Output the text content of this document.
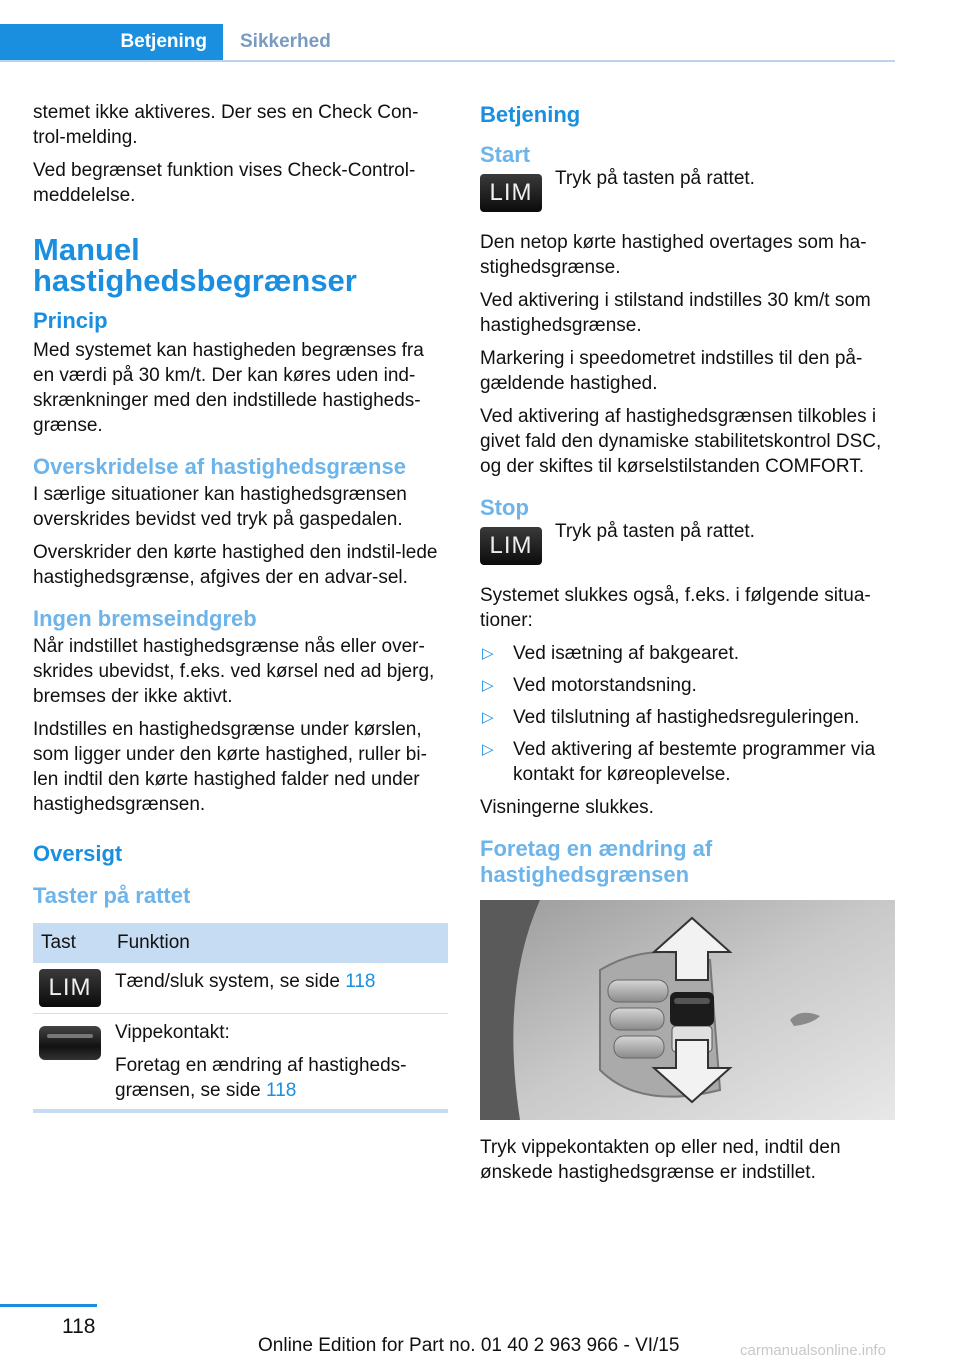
Betjening Sikkerhed

stemet ikke aktiveres. Der ses en Check Con-trol-melding.

Ved begrænset funktion vises Check-Control-meddelelse.

Manuel hastighedsbegrænser
Princip

Med systemet kan hastigheden begrænses fra en værdi på 30 km/t. Der kan køres uden ind-skrænkninger med den indstillede hastigheds-grænse.

Overskridelse af hastighedsgrænse

I særlige situationer kan hastighedsgrænsen overskrides bevidst ved tryk på gaspedalen.

Overskrider den kørte hastighed den indstil-lede hastighedsgrænse, afgives der en advar-sel.

Ingen bremseindgreb

Når indstillet hastighedsgrænse nås eller over-skrides ubevidst, f.eks. ved kørsel ned ad bjerg, bremses der ikke aktivt.

Indstilles en hastighedsgrænse under kørslen, som ligger under den kørte hastighed, ruller bi-len indtil den kørte hastighed falder ned under hastighedsgrænsen.

Oversigt
Taster på rattet
Tast	Funktion

LIM	Tænd/sluk system, se side 118

	Vippekontakt:
Foretag en ændring af hastigheds-grænsen, se side 118
Betjening
Start
LIM

Tryk på tasten på rattet.

Den netop kørte hastighed overtages som ha-stighedsgrænse.

Ved aktivering i stilstand indstilles 30 km/t som hastighedsgrænse.

Markering i speedometret indstilles til den på-gældende hastighed.

Ved aktivering af hastighedsgrænsen tilkobles i givet fald den dynamiske stabilitetskontrol DSC, og der skiftes til kørselstilstanden COMFORT.

Stop
LIM

Tryk på tasten på rattet.

Systemet slukkes også, f.eks. i følgende situa-tioner:

▷ Ved isætning af bakgearet.
▷ Ved motorstandsning.
▷ Ved tilslutning af hastighedsreguleringen.
▷ Ved aktivering af bestemte programmer via kontakt for køreoplevelse.

Visningerne slukkes.

Foretag en ændring af hastighedsgrænsen

Tryk vippekontakten op eller ned, indtil den ønskede hastighedsgrænse er indstillet.

118
Online Edition for Part no. 01 40 2 963 966 - VI/15	carmanualsonline.info
